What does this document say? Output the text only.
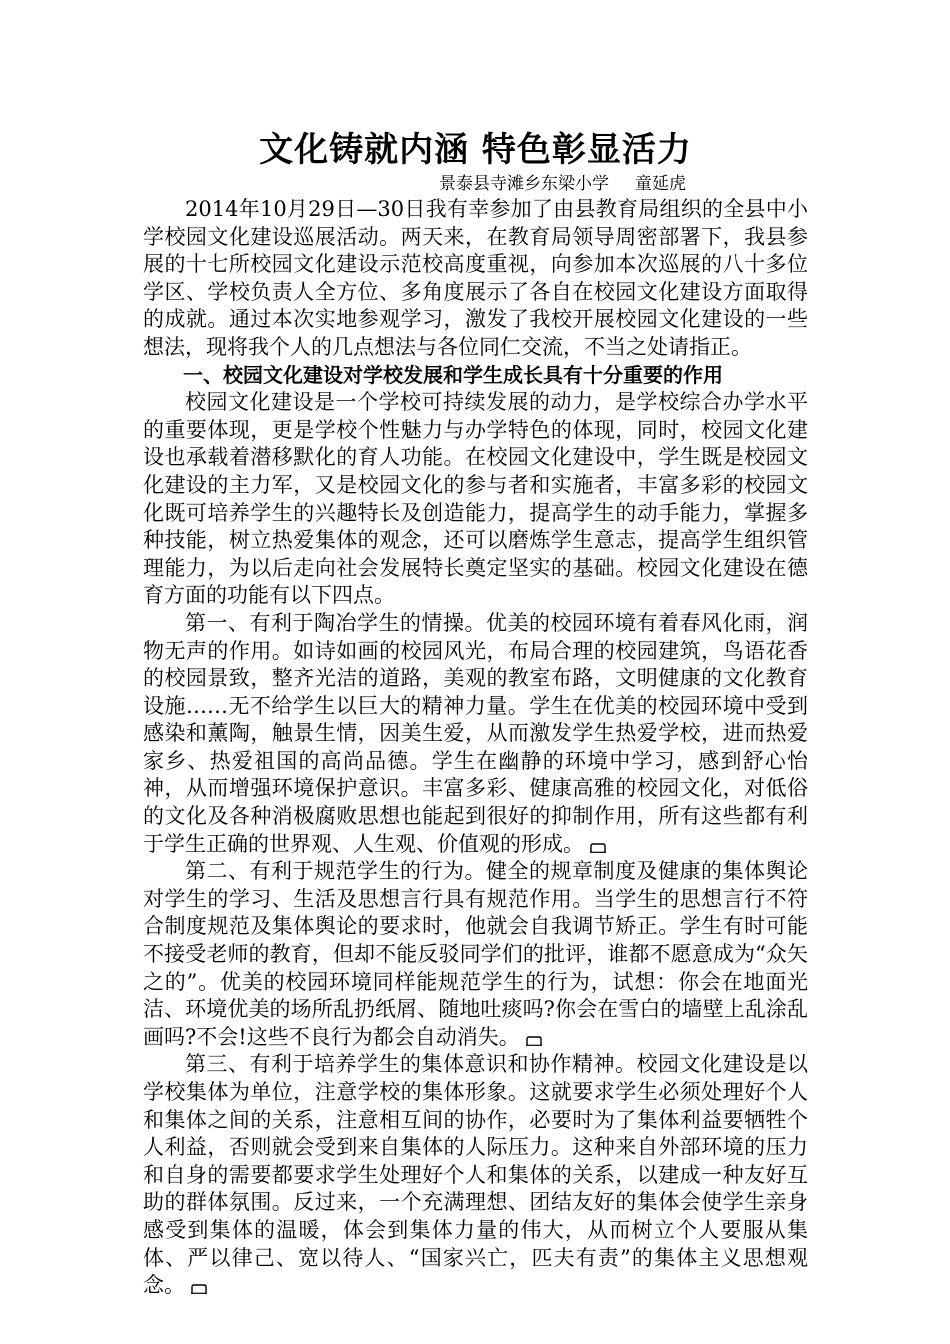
文化铸就内涵 特色彰显活力

景泰县寺滩乡东梁小学 童延虎

2014年10月29日—30日我有幸参加了由县教育局组织的全县中小学校园文化建设巡展活动。两天来，在教育局领导周密部署下，我县参展的十七所校园文化建设示范校高度重视，向参加本次巡展的八十多位学区、学校负责人全方位、多角度展示了各自在校园文化建设方面取得的成就。通过本次实地参观学习，激发了我校开展校园文化建设的一些想法，现将我个人的几点想法与各位同仁交流，不当之处请指正。

一、校园文化建设对学校发展和学生成长具有十分重要的作用

校园文化建设是一个学校可持续发展的动力，是学校综合办学水平的重要体现，更是学校个性魅力与办学特色的体现，同时，校园文化建设也承载着潜移默化的育人功能。在校园文化建设中，学生既是校园文化建设的主力军，又是校园文化的参与者和实施者，丰富多彩的校园文化既可培养学生的兴趣特长及创造能力，提高学生的动手能力，掌握多种技能，树立热爱集体的观念，还可以磨炼学生意志，提高学生组织管理能力，为以后走向社会发展特长奠定坚实的基础。校园文化建设在德育方面的功能有以下四点。

第一、有利于陶冶学生的情操。优美的校园环境有着春风化雨，润物无声的作用。如诗如画的校园风光，布局合理的校园建筑，鸟语花香的校园景致，整齐光洁的道路，美观的教室布路，文明健康的文化教育设施……无不给学生以巨大的精神力量。学生在优美的校园环境中受到感染和薰陶，触景生情，因美生爱，从而激发学生热爱学校，进而热爱家乡、热爱祖国的高尚品德。学生在幽静的环境中学习，感到舒心怡神，从而增强环境保护意识。丰富多彩、健康高雅的校园文化，对低俗的文化及各种消极腐败思想也能起到很好的抑制作用，所有这些都有利于学生正确的世界观、人生观、价值观的形成。

第二、有利于规范学生的行为。健全的规章制度及健康的集体舆论对学生的学习、生活及思想言行具有规范作用。当学生的思想言行不符合制度规范及集体舆论的要求时，他就会自我调节矫正。学生有时可能不接受老师的教育，但却不能反驳同学们的批评，谁都不愿意成为“众矢之的”。优美的校园环境同样能规范学生的行为，试想：你会在地面光洁、环境优美的场所乱扔纸屑、随地吐痰吗?你会在雪白的墙壁上乱涂乱画吗?不会!这些不良行为都会自动消失。

第三、有利于培养学生的集体意识和协作精神。校园文化建设是以学校集体为单位，注意学校的集体形象。这就要求学生必须处理好个人和集体之间的关系，注意相互间的协作，必要时为了集体利益要牺牲个人利益，否则就会受到来自集体的人际压力。这种来自外部环境的压力和自身的需要都要求学生处理好个人和集体的关系，以建成一种友好互助的群体氛围。反过来，一个充满理想、团结友好的集体会使学生亲身感受到集体的温暖，体会到集体力量的伟大，从而树立个人要服从集体、严以律己、宽以待人、“国家兴亡，匹夫有责”的集体主义思想观念。
